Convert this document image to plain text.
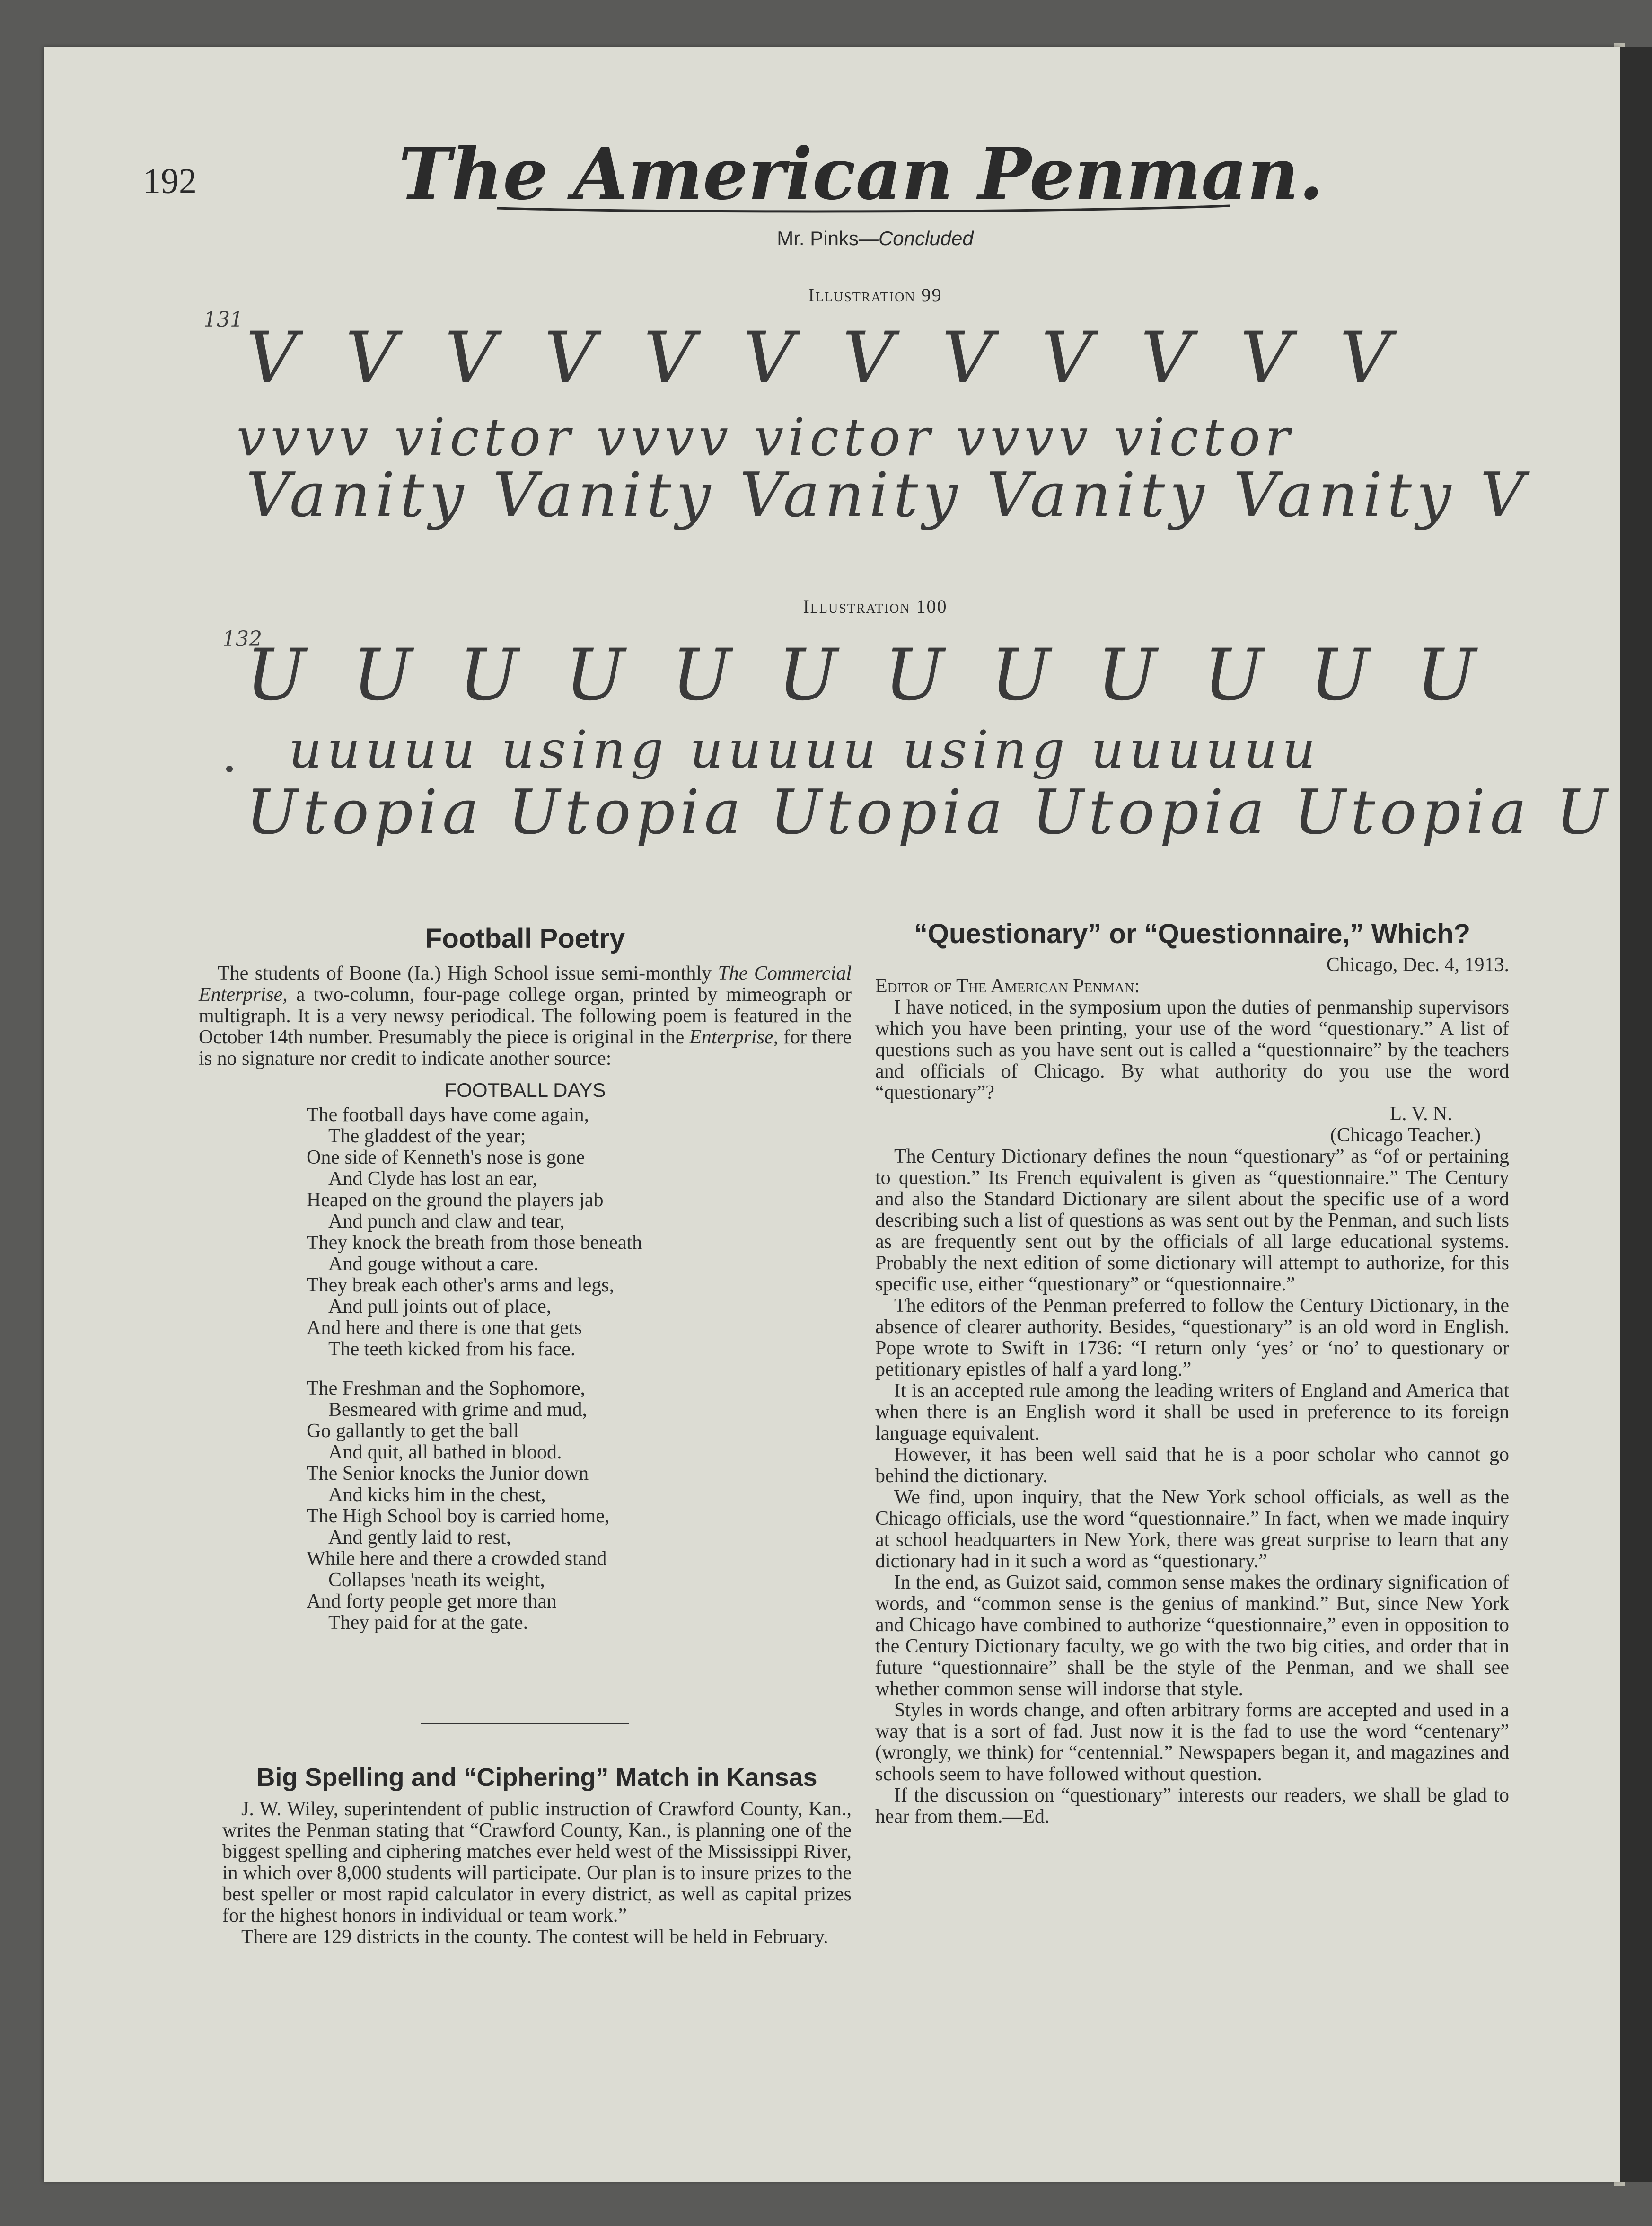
192	The American Penman.
Mr. Pinks—Concluded
Illustration 99
131 V V V V V V V V V V V V
vvvv victor vvvv victor vvvv victor
Vanity Vanity Vanity Vanity Vanity V
Illustration 100
132
U U U U U U U U U U U U
uuuuu using uuuuu using uuuuuu
Utopia Utopia Utopia Utopia Utopia U
Football Poetry

The students of Boone (Ia.) High School issue semi-monthly The Commercial Enterprise, a two-column, four-page college organ, printed by mimeograph or multigraph. It is a very newsy periodical. The following poem is featured in the October 14th number. Presumably the piece is original in the Enterprise, for there is no signature nor credit to indicate another source:

FOOTBALL DAYS
The football days have come again,
The gladdest of the year;
One side of Kenneth's nose is gone
And Clyde has lost an ear,
Heaped on the ground the players jab
And punch and claw and tear,
They knock the breath from those beneath
And gouge without a care.
They break each other's arms and legs,
And pull joints out of place,
And here and there is one that gets
The teeth kicked from his face.
The Freshman and the Sophomore,
Besmeared with grime and mud,
Go gallantly to get the ball
And quit, all bathed in blood.
The Senior knocks the Junior down
And kicks him in the chest,
The High School boy is carried home,
And gently laid to rest,
While here and there a crowded stand
Collapses 'neath its weight,
And forty people get more than
They paid for at the gate.
Big Spelling and “Ciphering” Match in Kansas

J. W. Wiley, superintendent of public instruction of Crawford County, Kan., writes the Penman stating that “Crawford County, Kan., is planning one of the biggest spelling and ciphering matches ever held west of the Mississippi River, in which over 8,000 students will participate. Our plan is to insure prizes to the best speller or most rapid calculator in every district, as well as capital prizes for the highest honors in individual or team work.”

There are 129 districts in the county. The contest will be held in February.

“Questionary” or “Questionnaire,” Which?
Chicago, Dec. 4, 1913.
Editor of The American Penman:

I have noticed, in the symposium upon the duties of penmanship supervisors which you have been printing, your use of the word “questionary.” A list of questions such as you have sent out is called a “questionnaire” by the teachers and officials of Chicago. By what authority do you use the word “questionary”?

L. V. N.
(Chicago Teacher.)

The Century Dictionary defines the noun “questionary” as “of or pertaining to question.” Its French equivalent is given as “questionnaire.” The Century and also the Standard Dictionary are silent about the specific use of a word describing such a list of questions as was sent out by the Penman, and such lists as are frequently sent out by the officials of all large educational systems. Probably the next edition of some dictionary will attempt to authorize, for this specific use, either “questionary” or “questionnaire.”

The editors of the Penman preferred to follow the Century Dictionary, in the absence of clearer authority. Besides, “questionary” is an old word in English. Pope wrote to Swift in 1736: “I return only ‘yes’ or ‘no’ to questionary or petitionary epistles of half a yard long.”

It is an accepted rule among the leading writers of England and America that when there is an English word it shall be used in preference to its foreign language equivalent.

However, it has been well said that he is a poor scholar who cannot go behind the dictionary.

We find, upon inquiry, that the New York school officials, as well as the Chicago officials, use the word “questionnaire.” In fact, when we made inquiry at school headquarters in New York, there was great surprise to learn that any dictionary had in it such a word as “questionary.”

In the end, as Guizot said, common sense makes the ordinary signification of words, and “common sense is the genius of mankind.” But, since New York and Chicago have combined to authorize “questionnaire,” even in opposition to the Century Dictionary faculty, we go with the two big cities, and order that in future “questionnaire” shall be the style of the Penman, and we shall see whether common sense will indorse that style.

Styles in words change, and often arbitrary forms are accepted and used in a way that is a sort of fad. Just now it is the fad to use the word “centenary” (wrongly, we think) for “centennial.” Newspapers began it, and magazines and schools seem to have followed without question.

If the discussion on “questionary” interests our readers, we shall be glad to hear from them.—Ed.
